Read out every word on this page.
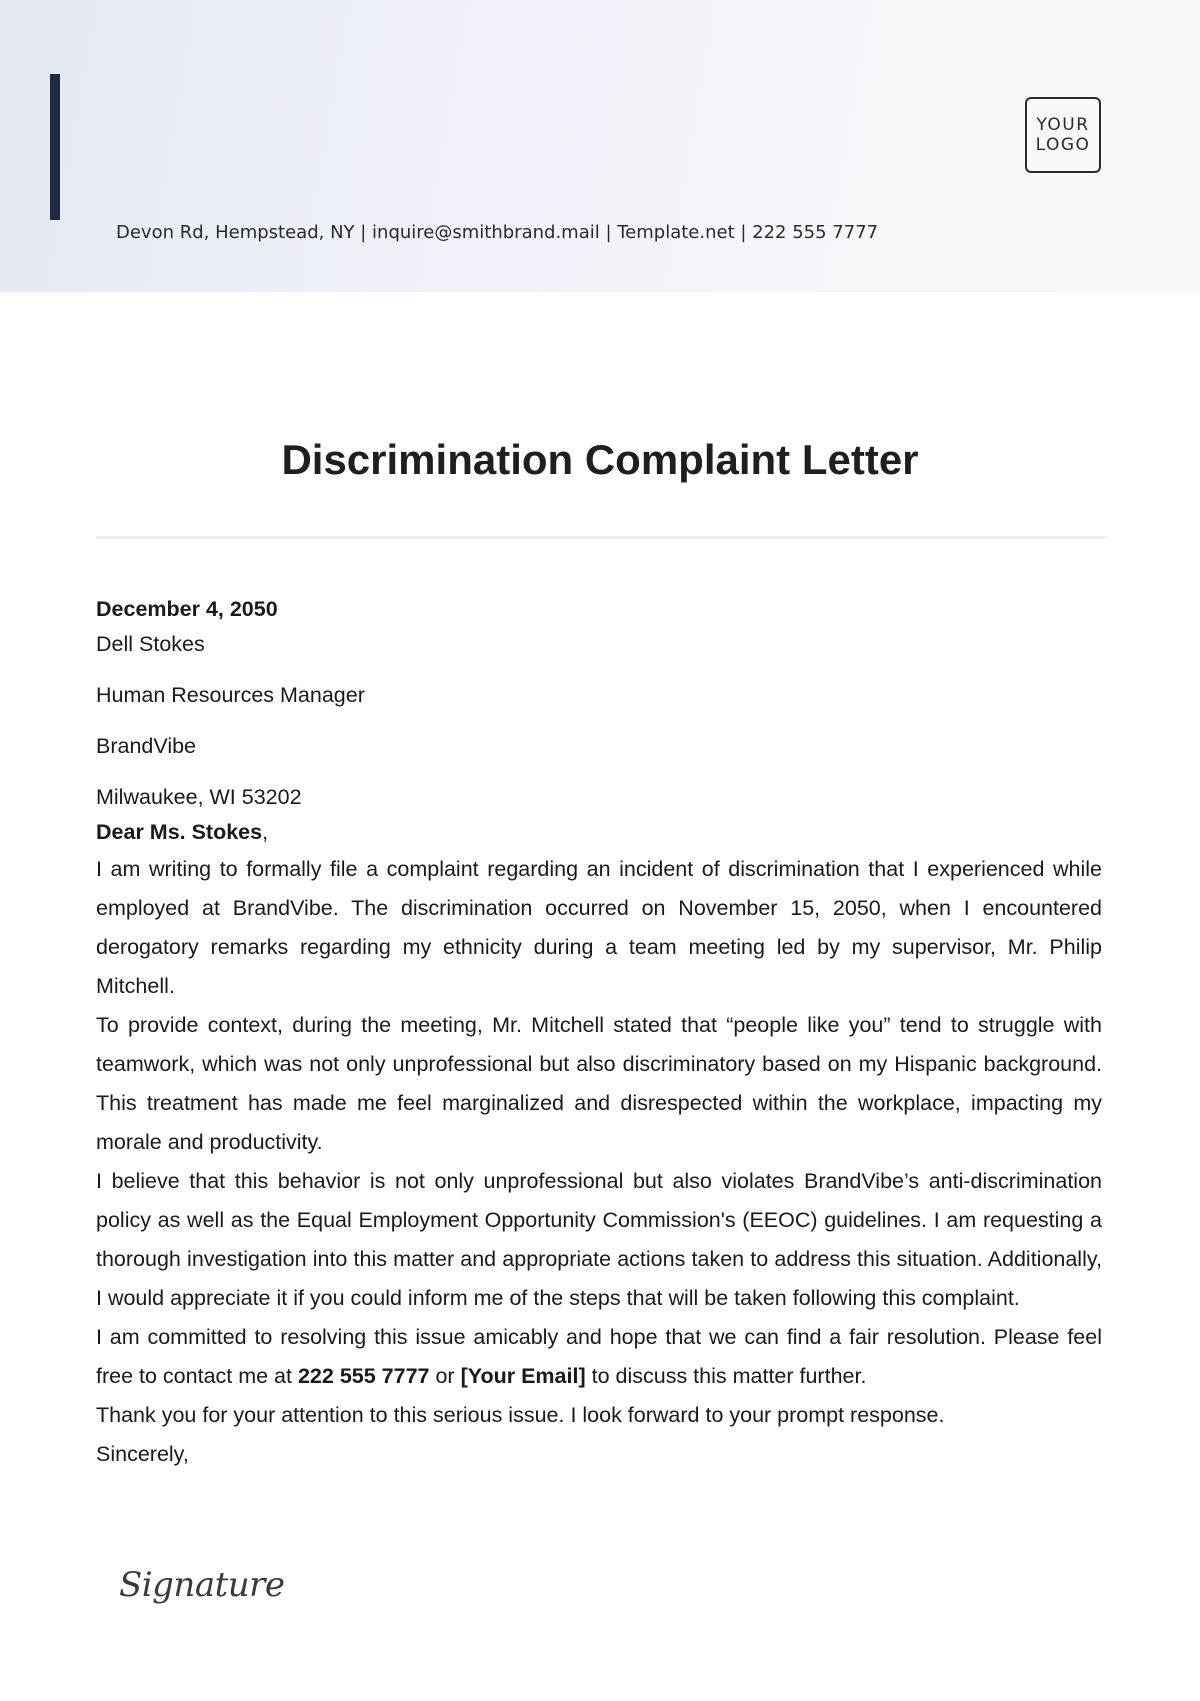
YOUR
LOGO
Devon Rd, Hempstead, NY | inquire@smithbrand.mail | Template.net | 222 555 7777
Discrimination Complaint Letter

December 4, 2050

Dell Stokes

Human Resources Manager

BrandVibe

Milwaukee, WI 53202

Dear Ms. Stokes,

I am writing to formally file a complaint regarding an incident of discrimination that I experienced while employed at BrandVibe. The discrimination occurred on November 15, 2050, when I encountered derogatory remarks regarding my ethnicity during a team meeting led by my supervisor, Mr. Philip Mitchell.

To provide context, during the meeting, Mr. Mitchell stated that “people like you” tend to struggle with teamwork, which was not only unprofessional but also discriminatory based on my Hispanic background. This treatment has made me feel marginalized and disrespected within the workplace, impacting my morale and productivity.

I believe that this behavior is not only unprofessional but also violates BrandVibe’s anti-discrimination policy as well as the Equal Employment Opportunity Commission's (EEOC) guidelines. I am requesting a thorough investigation into this matter and appropriate actions taken to address this situation. Additionally, I would appreciate it if you could inform me of the steps that will be taken following this complaint.

I am committed to resolving this issue amicably and hope that we can find a fair resolution. Please feel free to contact me at 222 555 7777 or [Your Email] to discuss this matter further.

Thank you for your attention to this serious issue. I look forward to your prompt response.

Sincerely,

Signature
